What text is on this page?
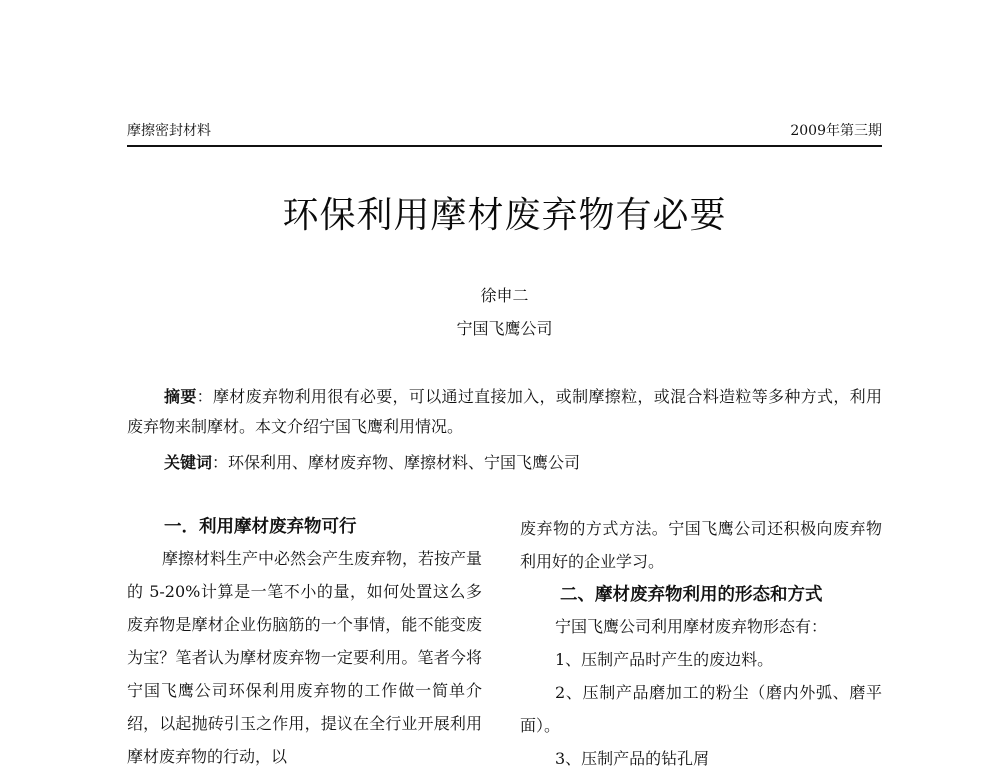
摩擦密封材料	2009年第三期
环保利用摩材废弃物有必要
徐申二
宁国飞鹰公司

摘要：摩材废弃物利用很有必要，可以通过直接加入，或制摩擦粒，或混合料造粒等多种方式，利用废弃物来制摩材。本文介绍宁国飞鹰利用情况。

关键词：环保利用、摩材废弃物、摩擦材料、宁国飞鹰公司

一．利用摩材废弃物可行

摩擦材料生产中必然会产生废弃物，若按产量的 5-20%计算是一笔不小的量，如何处置这么多废弃物是摩材企业伤脑筋的一个事情，能不能变废为宝？笔者认为摩材废弃物一定要利用。笔者今将宁国飞鹰公司环保利用废弃物的工作做一简单介绍，以起抛砖引玉之作用，提议在全行业开展利用摩材废弃物的行动，以

废弃物的方式方法。宁国飞鹰公司还积极向废弃物利用好的企业学习。

二、摩材废弃物利用的形态和方式

宁国飞鹰公司利用摩材废弃物形态有：

1、压制产品时产生的废边料。

2、压制产品磨加工的粉尘（磨内外弧、磨平面）。

3、压制产品的钻孔屑
